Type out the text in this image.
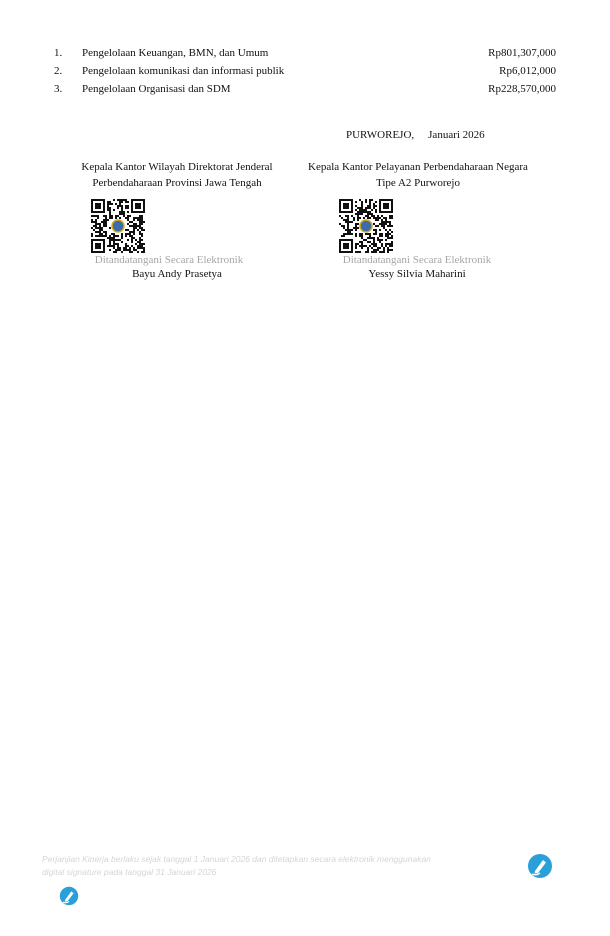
1.	Pengelolaan Keuangan, BMN, dan Umum	Rp801,307,000
2.	Pengelolaan komunikasi dan informasi publik	Rp6,012,000
3.	Pengelolaan Organisasi dan SDM	Rp228,570,000
PURWOREJO, Januari 2026
Kepala Kantor Wilayah Direktorat Jenderal
Perbendaharaan Provinsi Jawa Tengah
Kepala Kantor Pelayanan Perbendaharaan Negara
Tipe A2 Purworejo
Ditandatangani Secara Elektronik	Ditandatangani Secara Elektronik
Bayu Andy Prasetya	Yessy Silvia Maharini
Perjanjian Kinerja berlaku sejak tanggal 1 Januari 2026 dan ditetapkan secara elektronik menggunakan
digital signature pada tanggal 31 Januari 2026
